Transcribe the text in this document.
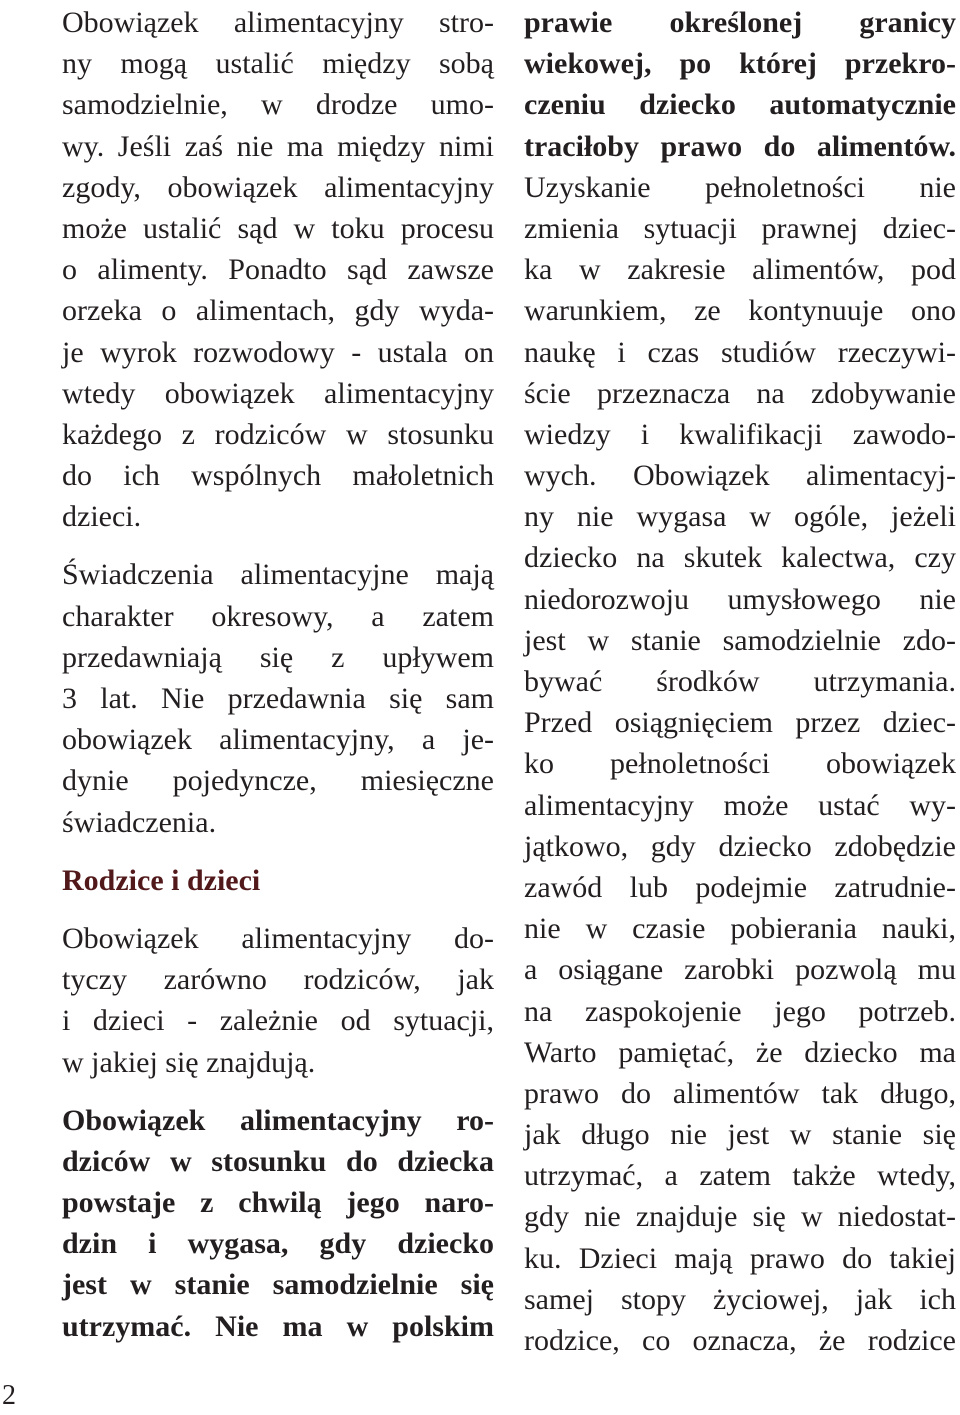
Obowiązek alimentacyjny stro-
ny mogą ustalić między sobą
samodzielnie, w drodze umo-
wy. Jeśli zaś nie ma między nimi
zgody, obowiązek alimentacyjny
może ustalić sąd w toku procesu
o alimenty. Ponadto sąd zawsze
orzeka o alimentach, gdy wyda-
je wyrok rozwodowy - ustala on
wtedy obowiązek alimentacyjny
każdego z rodziców w stosunku
do ich wspólnych małoletnich
dzieci.
Świadczenia alimentacyjne mają
charakter okresowy, a zatem
przedawniają się z upływem
3 lat. Nie przedawnia się sam
obowiązek alimentacyjny, a je-
dynie pojedyncze, miesięczne
świadczenia.
Rodzice i dzieci
Obowiązek alimentacyjny do-
tyczy zarówno rodziców, jak
i dzieci - zależnie od sytuacji,
w jakiej się znajdują.
Obowiązek alimentacyjny ro-
dziców w stosunku do dziecka
powstaje z chwilą jego naro-
dzin i wygasa, gdy dziecko
jest w stanie samodzielnie się
utrzymać. Nie ma w polskim
prawie określonej granicy
wiekowej, po której przekro-
czeniu dziecko automatycznie
traciłoby prawo do alimentów.
Uzyskanie pełnoletności nie
zmienia sytuacji prawnej dziec-
ka w zakresie alimentów, pod
warunkiem, ze kontynuuje ono
naukę i czas studiów rzeczywi-
ście przeznacza na zdobywanie
wiedzy i kwalifikacji zawodo-
wych. Obowiązek alimentacyj-
ny nie wygasa w ogóle, jeżeli
dziecko na skutek kalectwa, czy
niedorozwoju umysłowego nie
jest w stanie samodzielnie zdo-
bywać środków utrzymania.
Przed osiągnięciem przez dziec-
ko pełnoletności obowiązek
alimentacyjny może ustać wy-
jątkowo, gdy dziecko zdobędzie
zawód lub podejmie zatrudnie-
nie w czasie pobierania nauki,
a osiągane zarobki pozwolą mu
na zaspokojenie jego potrzeb.
Warto pamiętać, że dziecko ma
prawo do alimentów tak długo,
jak długo nie jest w stanie się
utrzymać, a zatem także wtedy,
gdy nie znajduje się w niedostat-
ku. Dzieci mają prawo do takiej
samej stopy życiowej, jak ich
rodzice, co oznacza, że rodzice
2
